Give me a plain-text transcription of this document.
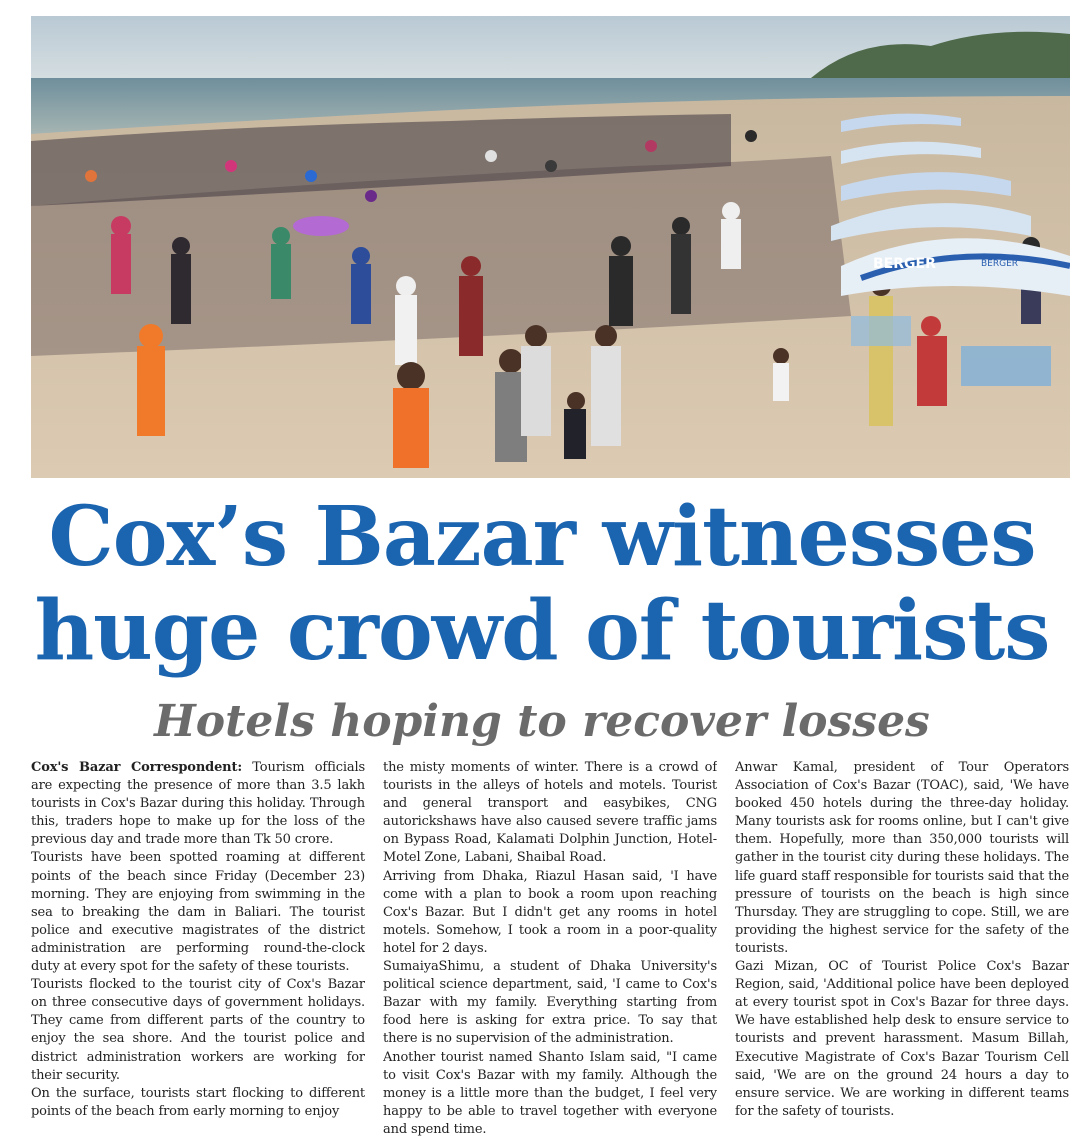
BERGER	BERGER
Cox’s Bazar witnesses
huge crowd of tourists
Hotels hoping to recover losses

Cox's Bazar Correspondent: Tourism officials are expecting the presence of more than 3.5 lakh tourists in Cox's Bazar during this holiday. Through this, traders hope to make up for the loss of the previous day and trade more than Tk 50 crore.

Tourists have been spotted roaming at different points of the beach since Friday (December 23) morning. They are enjoying from swimming in the sea to breaking the dam in Baliari. The tourist police and executive magistrates of the district administration are performing round-the-clock duty at every spot for the safety of these tourists.

Tourists flocked to the tourist city of Cox's Bazar on three consecutive days of government holidays. They came from different parts of the country to enjoy the sea shore. And the tourist police and district administration workers are working for their security.

On the surface, tourists start flocking to different points of the beach from early morning to enjoy

the misty moments of winter. There is a crowd of tourists in the alleys of hotels and motels. Tourist and general transport and easybikes, CNG autorickshaws have also caused severe traffic jams on Bypass Road, Kalamati Dolphin Junction, Hotel-Motel Zone, Labani, Shaibal Road.

Arriving from Dhaka, Riazul Hasan said, 'I have come with a plan to book a room upon reaching Cox's Bazar. But I didn't get any rooms in hotel motels. Somehow, I took a room in a poor-quality hotel for 2 days.

SumaiyaShimu, a student of Dhaka University's political science department, said, 'I came to Cox's Bazar with my family. Everything starting from food here is asking for extra price. To say that there is no supervision of the administration.

Another tourist named Shanto Islam said, "I came to visit Cox's Bazar with my family. Although the money is a little more than the budget, I feel very happy to be able to travel together with everyone and spend time.

Anwar Kamal, president of Tour Operators Association of Cox's Bazar (TOAC), said, 'We have booked 450 hotels during the three-day holiday. Many tourists ask for rooms online, but I can't give them. Hopefully, more than 350,000 tourists will gather in the tourist city during these holidays. The life guard staff responsible for tourists said that the pressure of tourists on the beach is high since Thursday. They are struggling to cope. Still, we are providing the highest service for the safety of the tourists.

Gazi Mizan, OC of Tourist Police Cox's Bazar Region, said, 'Additional police have been deployed at every tourist spot in Cox's Bazar for three days. We have established help desk to ensure service to tourists and prevent harassment. Masum Billah, Executive Magistrate of Cox's Bazar Tourism Cell said, 'We are on the ground 24 hours a day to ensure service. We are working in different teams for the safety of tourists.
